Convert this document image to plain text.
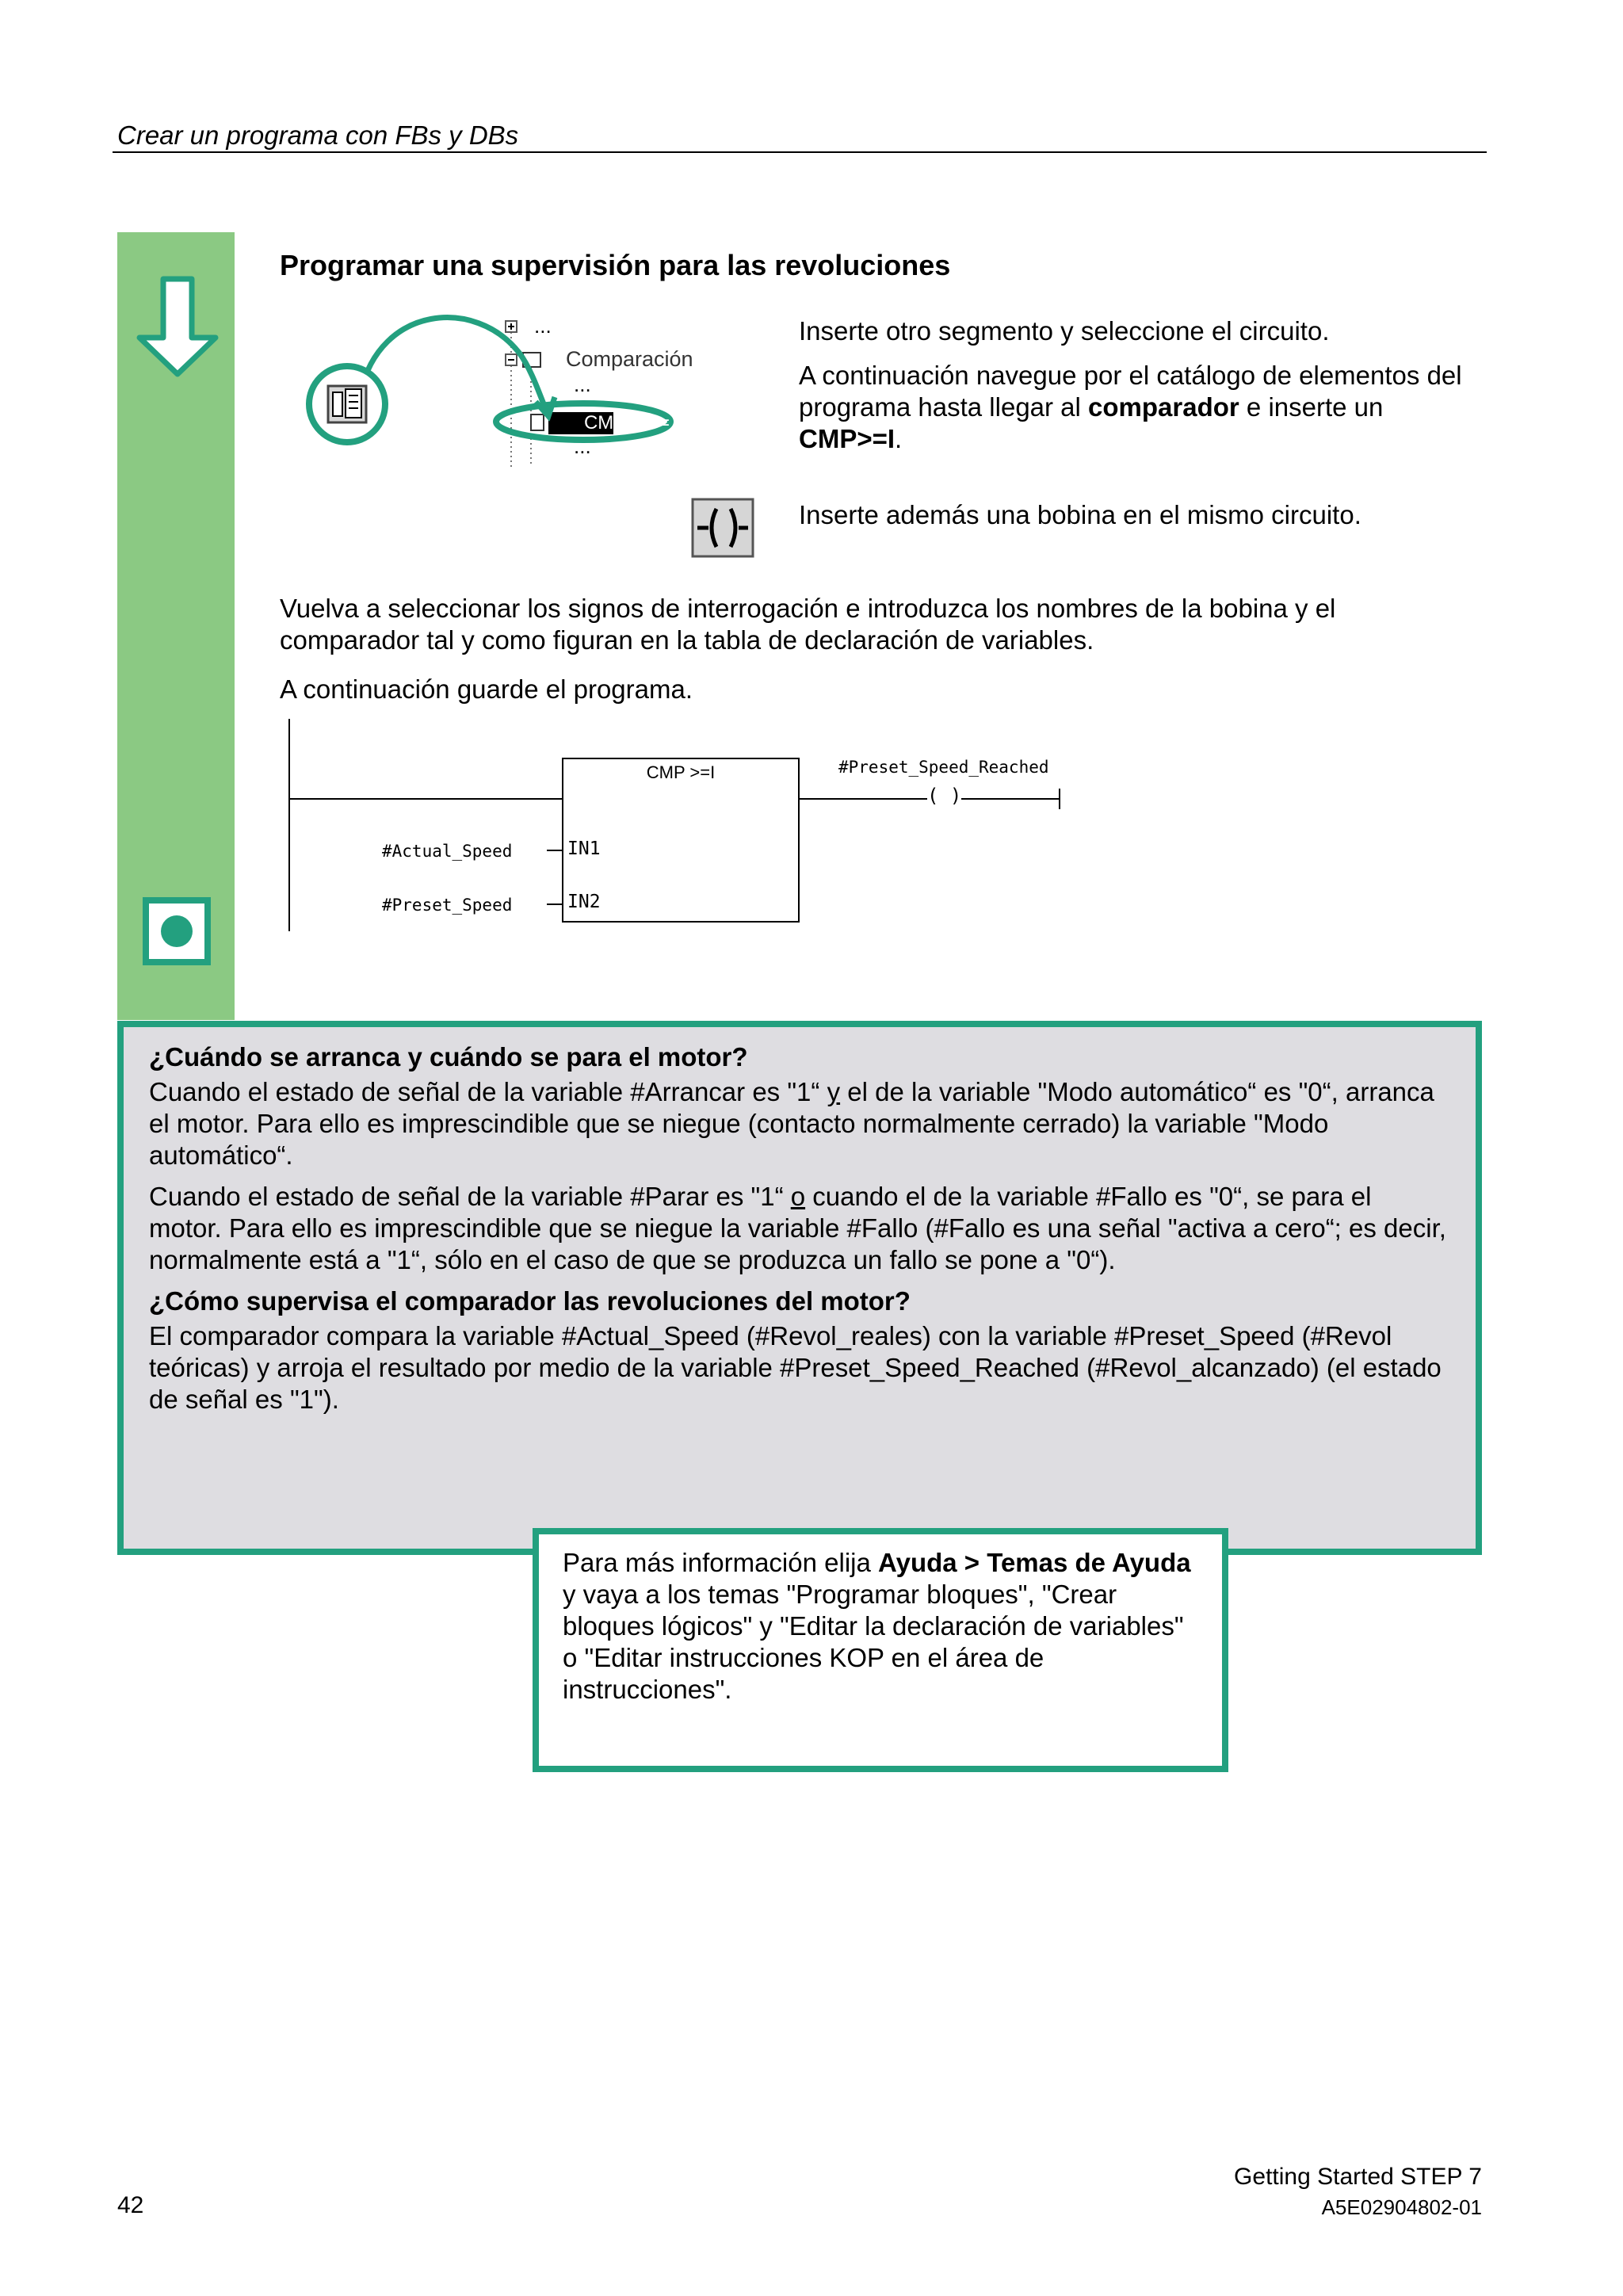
Crear un programa con FBs y DBs
Programar una supervisión para las revoluciones
...
Comparación
...
CMP_I >=
...

Inserte otro segmento y seleccione el circuito.

A continuación navegue por el catálogo de elementos del programa hasta llegar al comparador e inserte un CMP>=I.

Inserte además una bobina en el mismo circuito.

Vuelva a seleccionar los signos de interrogación e introduzca los nombres de la bobina y el comparador tal y como figuran en la tabla de declaración de variables.

A continuación guarde el programa.

CMP >=I	#Preset_Speed_Reached
( )
IN1
IN2
#Actual_Speed
#Preset_Speed

¿Cuándo se arranca y cuándo se para el motor?

Cuando el estado de señal de la variable #Arrancar es "1“ y el de la variable "Modo automático“ es "0“, arranca el motor. Para ello es imprescindible que se niegue (contacto normalmente cerrado) la variable "Modo automático“.

Cuando el estado de señal de la variable #Parar es "1“ o cuando el de la variable #Fallo es "0“, se para el motor. Para ello es imprescindible que se niegue la variable #Fallo (#Fallo es una señal "activa a cero“; es decir, normalmente está a "1“, sólo en el caso de que se produzca un fallo se pone a "0“).

¿Cómo supervisa el comparador las revoluciones del motor?

El comparador compara la variable #Actual_Speed (#Revol_reales) con la variable #Preset_Speed (#Revol teóricas) y arroja el resultado por medio de la variable #Preset_Speed_Reached (#Revol_alcanzado) (el estado de señal es "1").

Para más información elija Ayuda > Temas de Ayuda y vaya a los temas "Programar bloques", "Crear bloques lógicos" y "Editar la declaración de variables" o "Editar instrucciones KOP en el área de instrucciones".
42
Getting Started STEP 7
A5E02904802-01
